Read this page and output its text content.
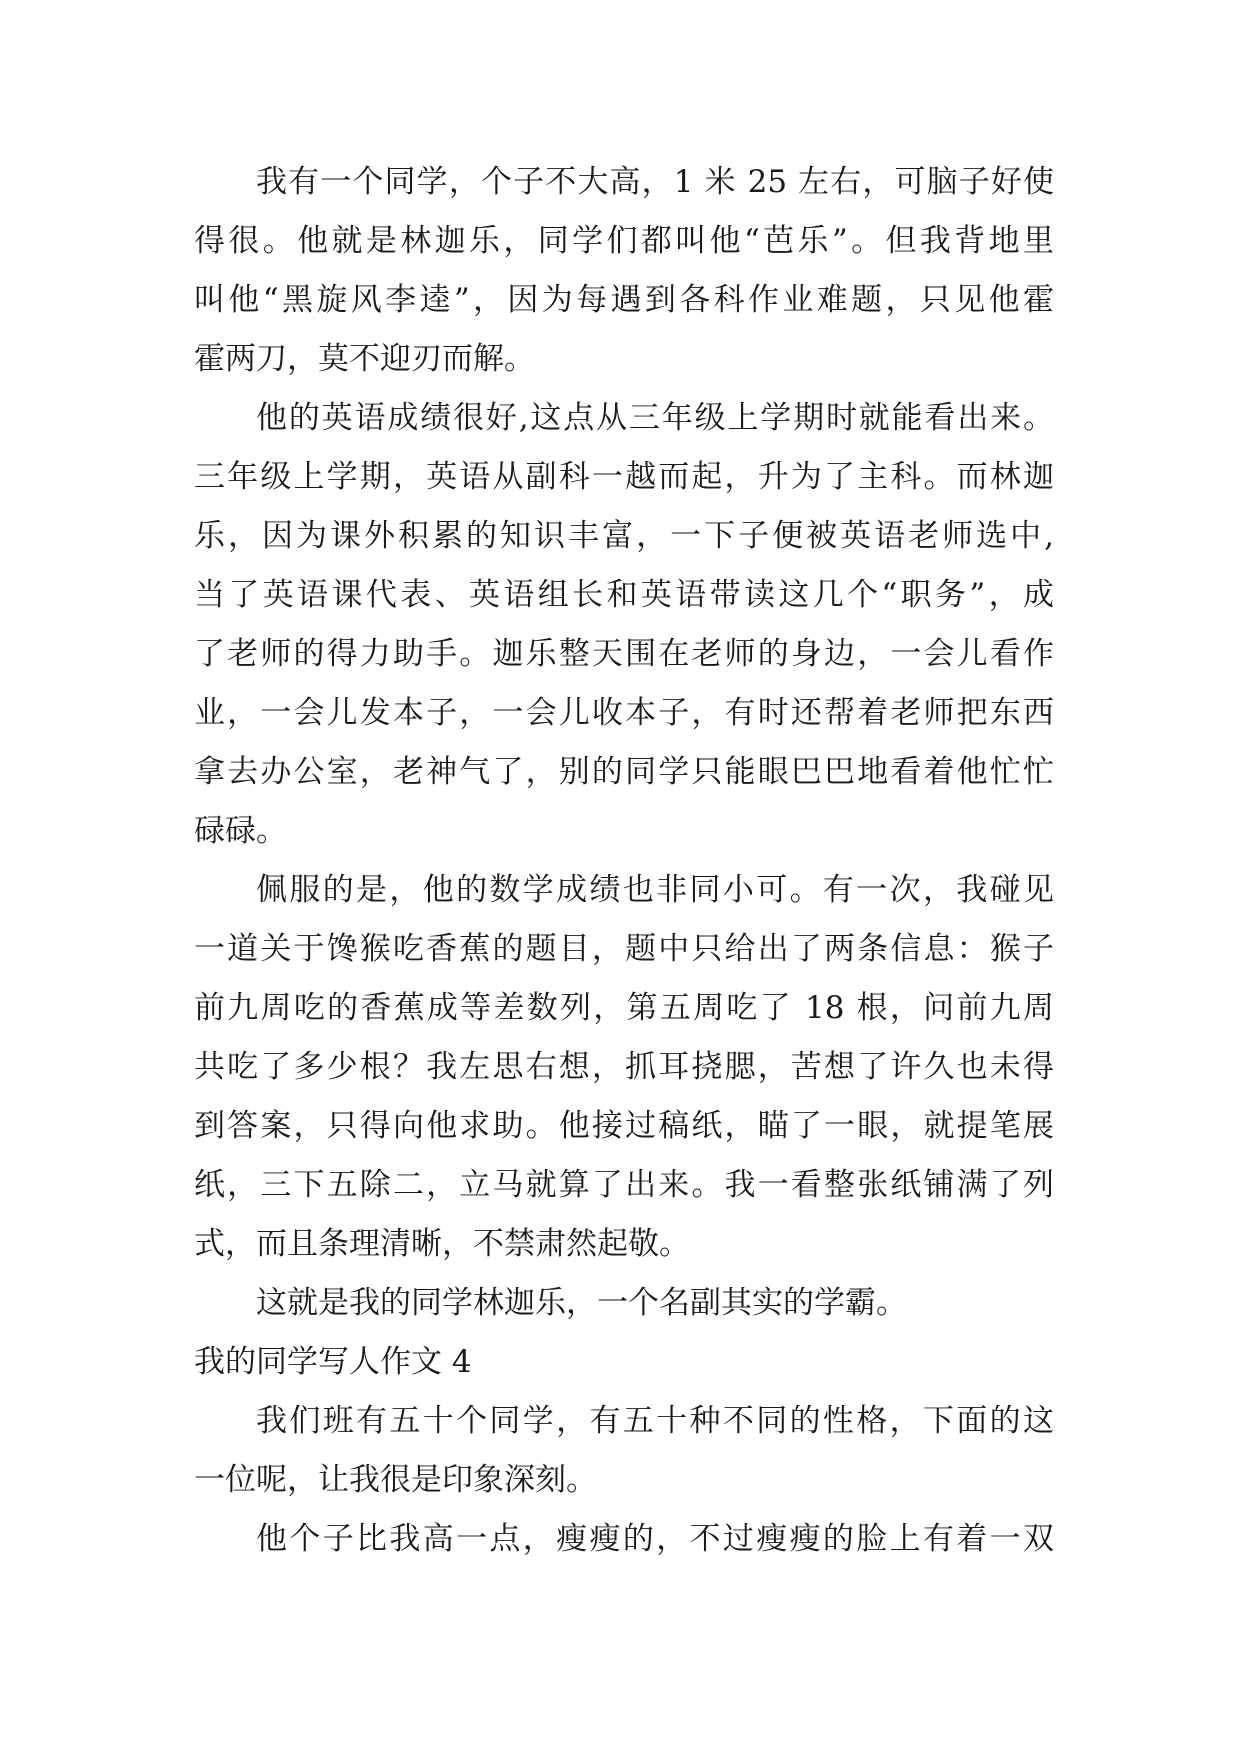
我有一个同学，个子不大高，1 米 25 左右，可脑子好使
得很。他就是林迦乐，同学们都叫他“芭乐”。但我背地里
叫他“黑旋风李逵”，因为每遇到各科作业难题，只见他霍
霍两刀，莫不迎刃而解。
他的英语成绩很好,这点从三年级上学期时就能看出来。
三年级上学期，英语从副科一越而起，升为了主科。而林迦
乐，因为课外积累的知识丰富，一下子便被英语老师选中,
当了英语课代表、英语组长和英语带读这几个“职务”，成
了老师的得力助手。迦乐整天围在老师的身边，一会儿看作
业，一会儿发本子，一会儿收本子，有时还帮着老师把东西
拿去办公室，老神气了，别的同学只能眼巴巴地看着他忙忙
碌碌。
佩服的是，他的数学成绩也非同小可。有一次，我碰见
一道关于馋猴吃香蕉的题目，题中只给出了两条信息：猴子
前九周吃的香蕉成等差数列，第五周吃了 18 根，问前九周
共吃了多少根？我左思右想，抓耳挠腮，苦想了许久也未得
到答案，只得向他求助。他接过稿纸，瞄了一眼，就提笔展
纸，三下五除二，立马就算了出来。我一看整张纸铺满了列
式，而且条理清晰，不禁肃然起敬。
这就是我的同学林迦乐，一个名副其实的学霸。
我的同学写人作文 4
我们班有五十个同学，有五十种不同的性格，下面的这
一位呢，让我很是印象深刻。
他个子比我高一点，瘦瘦的，不过瘦瘦的脸上有着一双
